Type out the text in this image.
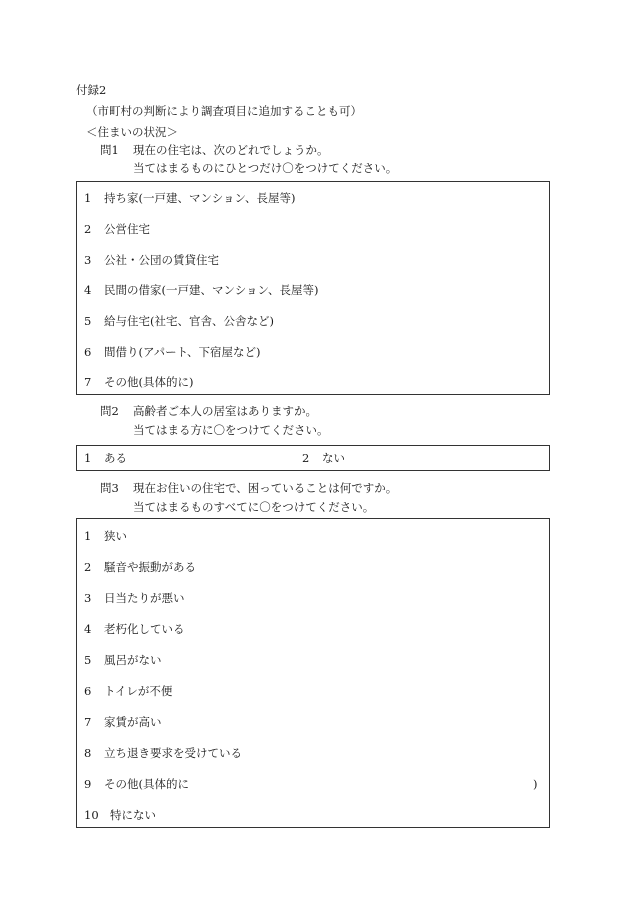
付録2
（市町村の判断により調査項目に追加することも可）
＜住まいの状況＞
問1 現在の住宅は、次のどれでしょうか。
当てはまるものにひとつだけ〇をつけてください。
1 持ち家(一戸建、マンション、長屋等)
2 公営住宅
3 公社・公団の賃貸住宅
4 民間の借家(一戸建、マンション、長屋等)
5 給与住宅(社宅、官舎、公舎など)
6 間借り(アパート、下宿屋など)
7 その他(具体的に)
問2 高齢者ご本人の居室はありますか。
当てはまる方に〇をつけてください。
1 ある	2 ない
問3 現在お住いの住宅で、困っていることは何ですか。
当てはまるものすべてに〇をつけてください。
1 狭い
2 騒音や振動がある
3 日当たりが悪い
4 老朽化している
5 風呂がない
6 トイレが不便
7 家賃が高い
8 立ち退き要求を受けている
9 その他(具体的に	)
10 特にない
